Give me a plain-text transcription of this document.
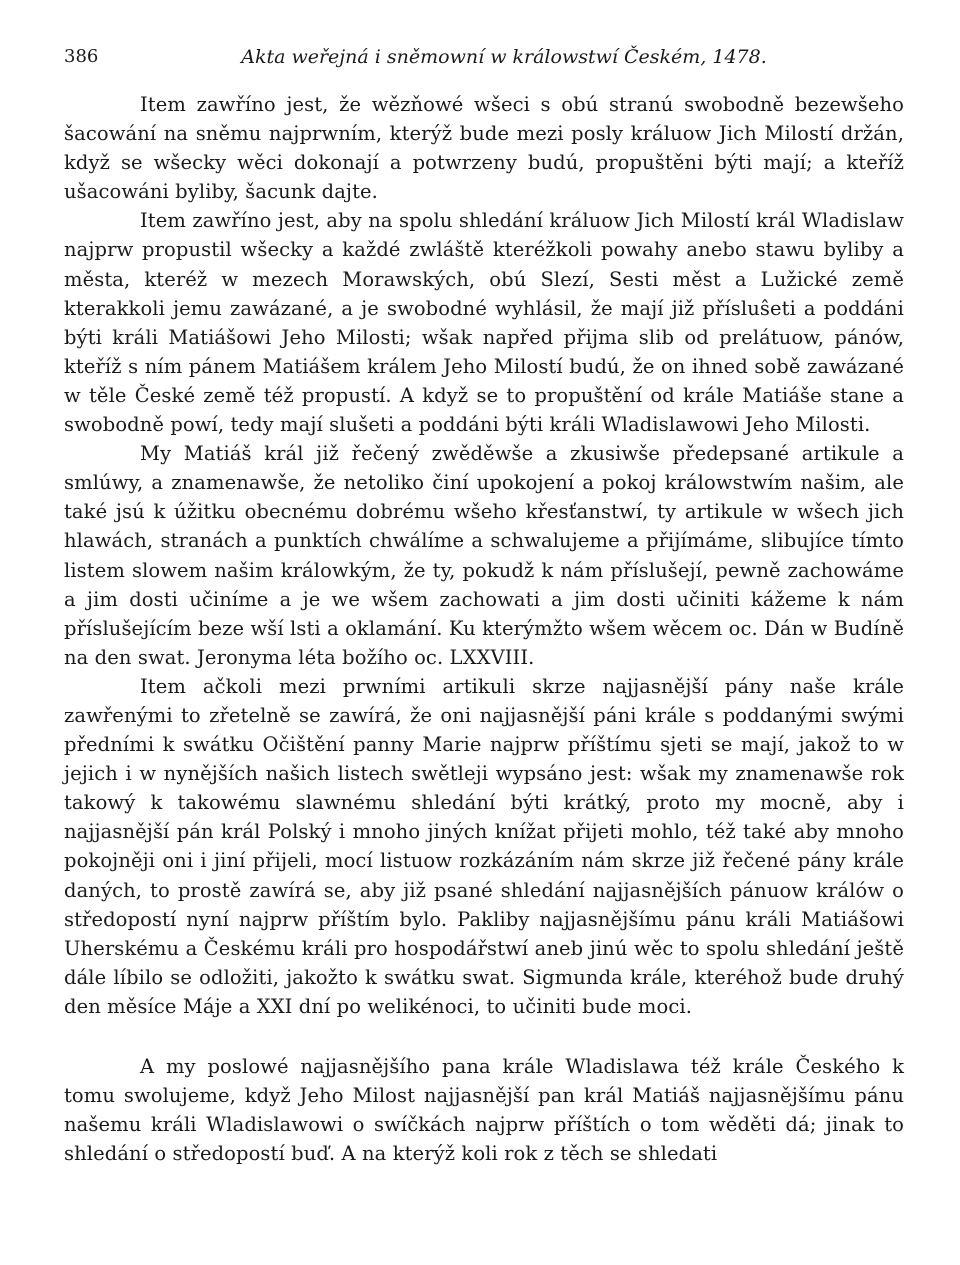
386	Akta weřejná i sněmowní w králowstwí Českém, 1478.

Item zawříno jest, že wězňowé wšeci s obú stranú swobodně bezewšeho šacowání na sněmu najprwním, kterýž bude mezi posly králuow Jich Milostí držán, když se wšecky wěci dokonají a potwrzeny budú, propuštěni býti mají; a kteříž ušacowáni byliby, šacunk dajte.

Item zawříno jest, aby na spolu shledání králuow Jich Milostí král Wladislaw najprw propustil wšecky a každé zwláště kteréžkoli powahy anebo stawu byliby a města, kteréž w mezech Morawských, obú Slezí, Sesti měst a Lužické země kterakkoli jemu zawázané, a je swobodné wyhlásil, že mají již přísluŝeti a poddáni býti králi Matiášowi Jeho Milosti; wšak napřed přijma slib od prelátuow, pánów, kteříž s ním pánem Matiášem králem Jeho Milostí budú, že on ihned sobě zawázané w těle České země též propustí. A když se to propuštění od krále Matiáše stane a swobodně powí, tedy mají slušeti a poddáni býti králi Wladislawowi Jeho Milosti.

My Matiáš král již řečený zwěděwše a zkusiwše předepsané artikule a smlúwy, a znamenawše, že netoliko činí upokojení a pokoj králowstwím našim, ale také jsú k úžitku obecnému dobrému wšeho křesťanstwí, ty artikule w wšech jich hlawách, stranách a punktích chwálíme a schwalujeme a přijímáme, slibujíce tímto listem slowem našim králowkým, že ty, pokudž k nám příslušejí, pewně zachowáme a jim dosti učiníme a je we wšem zachowati a jim dosti učiniti kážeme k nám příslušejícím beze wší lsti a oklamání. Ku kterýmžto wšem wěcem oc. Dán w Budíně na den swat. Jeronyma léta božího oc. LXXVIII.

Item ačkoli mezi prwními artikuli skrze najjasnější pány naše krále zawřenými to zřetelně se zawírá, že oni najjasnější páni krále s poddanými swými předními k swátku Očištění panny Marie najprw příštímu sjeti se mají, jakož to w jejich i w nynějších našich listech swětleji wypsáno jest: wšak my znamenawše rok takowý k takowému slawnému shledání býti krátký, proto my mocně, aby i najjasnější pán král Polský i mnoho jiných knížat přijeti mohlo, též také aby mnoho pokojněji oni i jiní přijeli, mocí listuow rozkázáním nám skrze již řečené pány krále daných, to prostě zawírá se, aby již psané shledání najjasnějších pánuow králów o středopostí nyní najprw příštím bylo. Pakliby najjasnějšímu pánu králi Matiášowi Uherskému a Českému králi pro hospodářstwí aneb jinú wěc to spolu shledání ještě dále líbilo se odložiti, jakožto k swátku swat. Sigmunda krále, kteréhož bude druhý den měsíce Máje a XXI dní po welikénoci, to učiniti bude moci.

A my poslowé najjasnějšího pana krále Wladislawa též krále Českého k tomu swolujeme, když Jeho Milost najjasnější pan král Matiáš najjasnějšímu pánu našemu králi Wladislawowi o swíčkách najprw příštích o tom wěděti dá; jinak to shledání o středopostí buď. A na kterýž koli rok z těch se shledati
